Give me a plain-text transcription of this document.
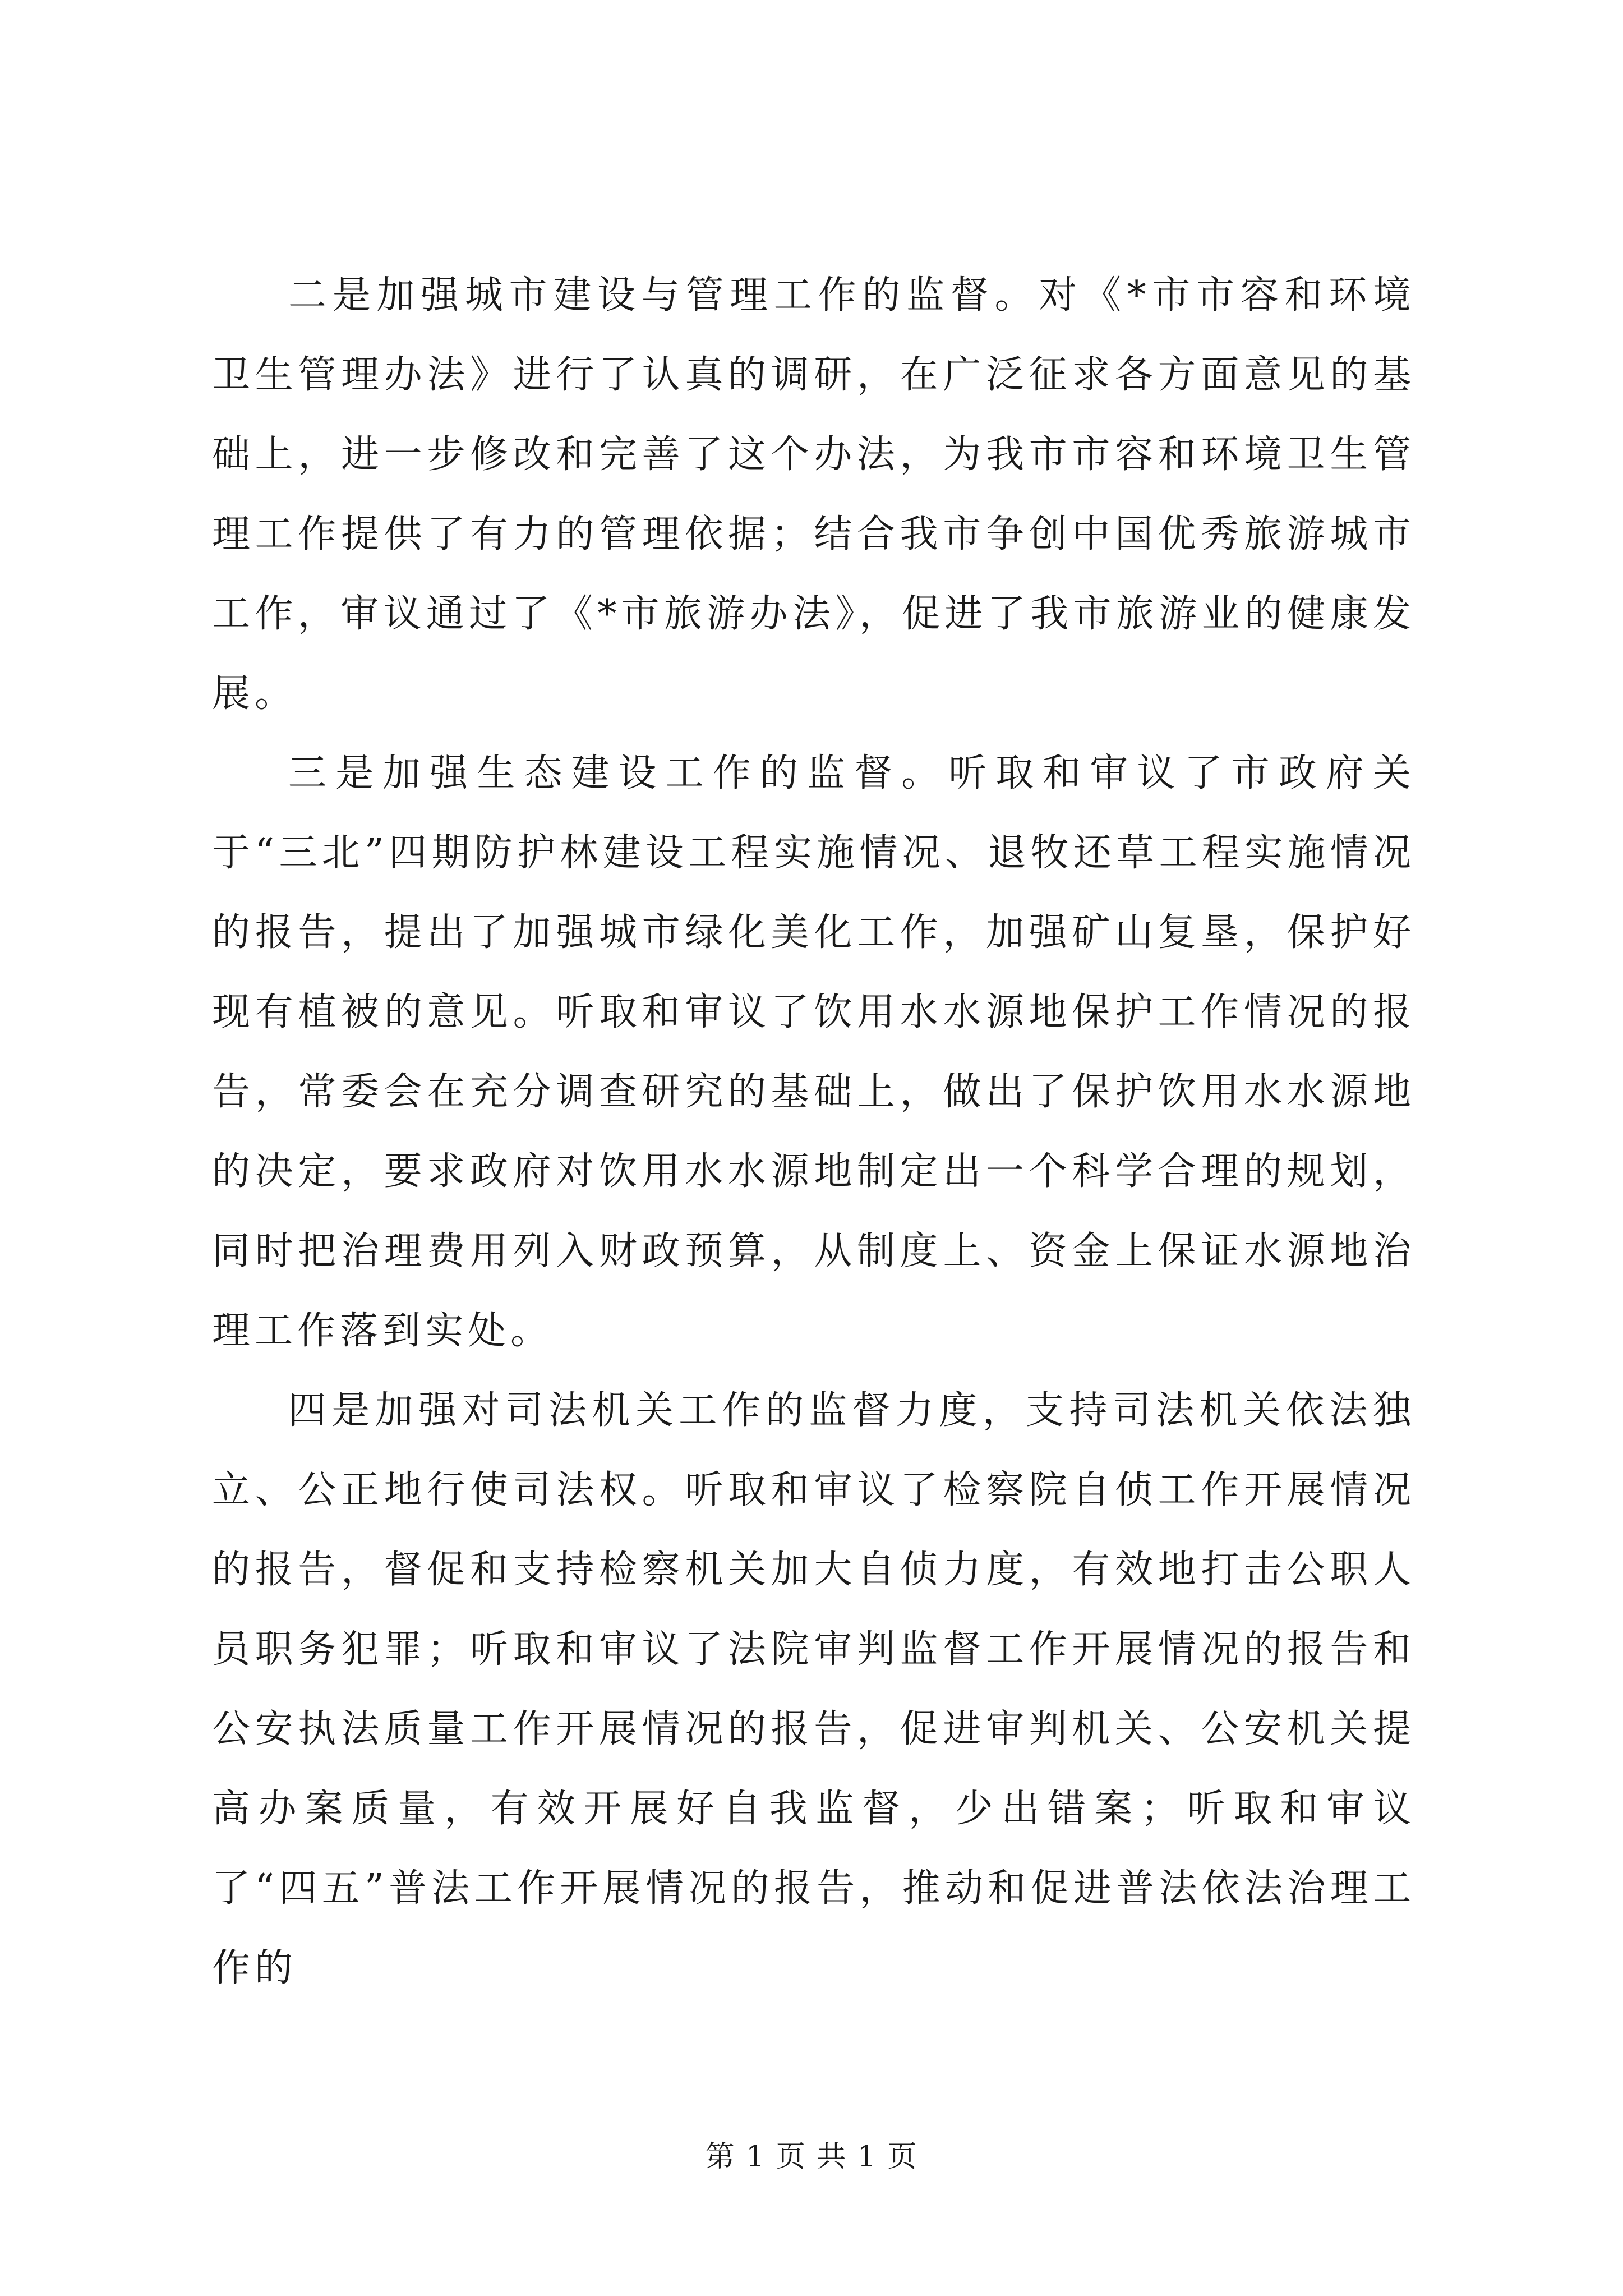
二是加强城市建设与管理工作的监督。对《*市市容和环境卫生管理办法》进行了认真的调研，在广泛征求各方面意见的基础上，进一步修改和完善了这个办法，为我市市容和环境卫生管理工作提供了有力的管理依据；结合我市争创中国优秀旅游城市工作，审议通过了《*市旅游办法》，促进了我市旅游业的健康发展。

三是加强生态建设工作的监督。听取和审议了市政府关于“三北”四期防护林建设工程实施情况、退牧还草工程实施情况的报告，提出了加强城市绿化美化工作，加强矿山复垦，保护好现有植被的意见。听取和审议了饮用水水源地保护工作情况的报告，常委会在充分调查研究的基础上，做出了保护饮用水水源地的决定，要求政府对饮用水水源地制定出一个科学合理的规划，同时把治理费用列入财政预算，从制度上、资金上保证水源地治理工作落到实处。

四是加强对司法机关工作的监督力度，支持司法机关依法独立、公正地行使司法权。听取和审议了检察院自侦工作开展情况的报告，督促和支持检察机关加大自侦力度，有效地打击公职人员职务犯罪；听取和审议了法院审判监督工作开展情况的报告和公安执法质量工作开展情况的报告，促进审判机关、公安机关提高办案质量，有效开展好自我监督，少出错案；听取和审议了“四五”普法工作开展情况的报告，推动和促进普法依法治理工作的

第 1 页 共 1 页
